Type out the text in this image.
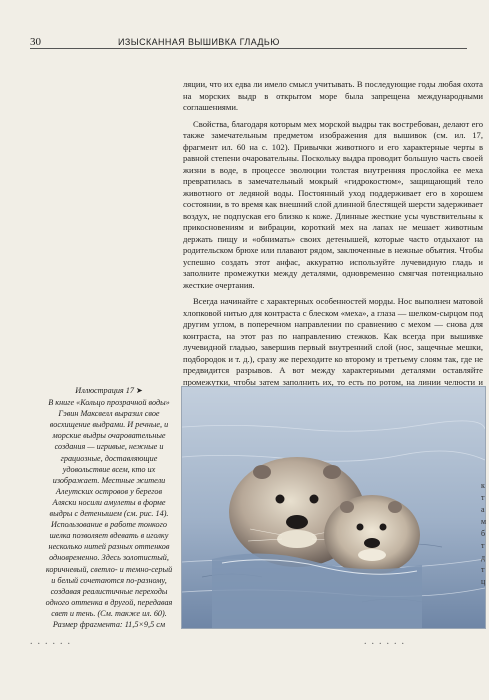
30	ИЗЫСКАННАЯ ВЫШИВКА ГЛАДЬЮ

ляции, что их едва ли имело смысл учитывать. В последующие годы любая охота на морских выдр в открытом море была запрещена международными соглашениями.

Свойства, благодаря которым мех морской выдры так востребован, делают его также замечательным предметом изображения для вышивок (см. ил. 17, фрагмент ил. 60 на с. 102). Привычки животного и его характерные черты в равной степени очаровательны. Поскольку выдра проводит большую часть своей жизни в воде, в процессе эволюции толстая внутренняя прослойка ее меха превратилась в замечательный мокрый «гидрокостюм», защищающий тело животного от ледяной воды. Постоянный уход поддерживает его в хорошем состоянии, в то время как внешний слой длинной блестящей шерсти задерживает воздух, не подпуская его близко к коже. Длинные жесткие усы чувствительны к прикосновениям и вибрации, короткий мех на лапах не мешает животным держать пищу и «обнимать» своих детенышей, которые часто отдыхают на родительском брюхе или плавают рядом, заключенные в нежные объятия. Чтобы успешно создать этот анфас, аккуратно используйте лучевидную гладь и заполните промежутки между деталями, одновременно смягчая потенциально жесткие очертания.

Всегда начинайте с характерных особенностей морды. Нос выполнен матовой хлопковой нитью для контраста с блеском «меха», а глаза — шелком-сырцом под другим углом, в поперечном направлении по сравнению с мехом — снова для контраста, на этот раз по направлению стежков. Как всегда при вышивке лучевидной гладью, завершив первый внутренний слой (нос, защечные мешки, подбородок и т. д.), сразу же переходите ко второму и третьему слоям так, где не предвидится разрывов. А вот между характерными деталями оставляйте промежутки, чтобы затем заполнить их, то есть по ротом, на линии челюсти и

Иллюстрация 17 ➤
В книге «Кольцо прозрачной воды» Гэвин Максвелл выразил свое восхищение выдрами. И речные, и морские выдры очаровательные создания — игривые, нежные и грациозные, доставляющие удовольствие всем, кто их изображает. Местные жители Алеутских островов у берегов Аляски носили амулеты в форме выдры с детенышем (см. рис. 14). Использование в работе тонкого шелка позволяет вдевать в иголку несколько нитей разных оттенков одновременно. Здесь золотистый, коричневый, светло- и темно-серый и белый сочетаются по-разному, создавая реалистичные переходы одного оттенка в другой, передавая свет и тень. (См. также ил. 60).
Размер фрагмента: 11,5×9,5 см
......	......
к т а м б т д т ц
